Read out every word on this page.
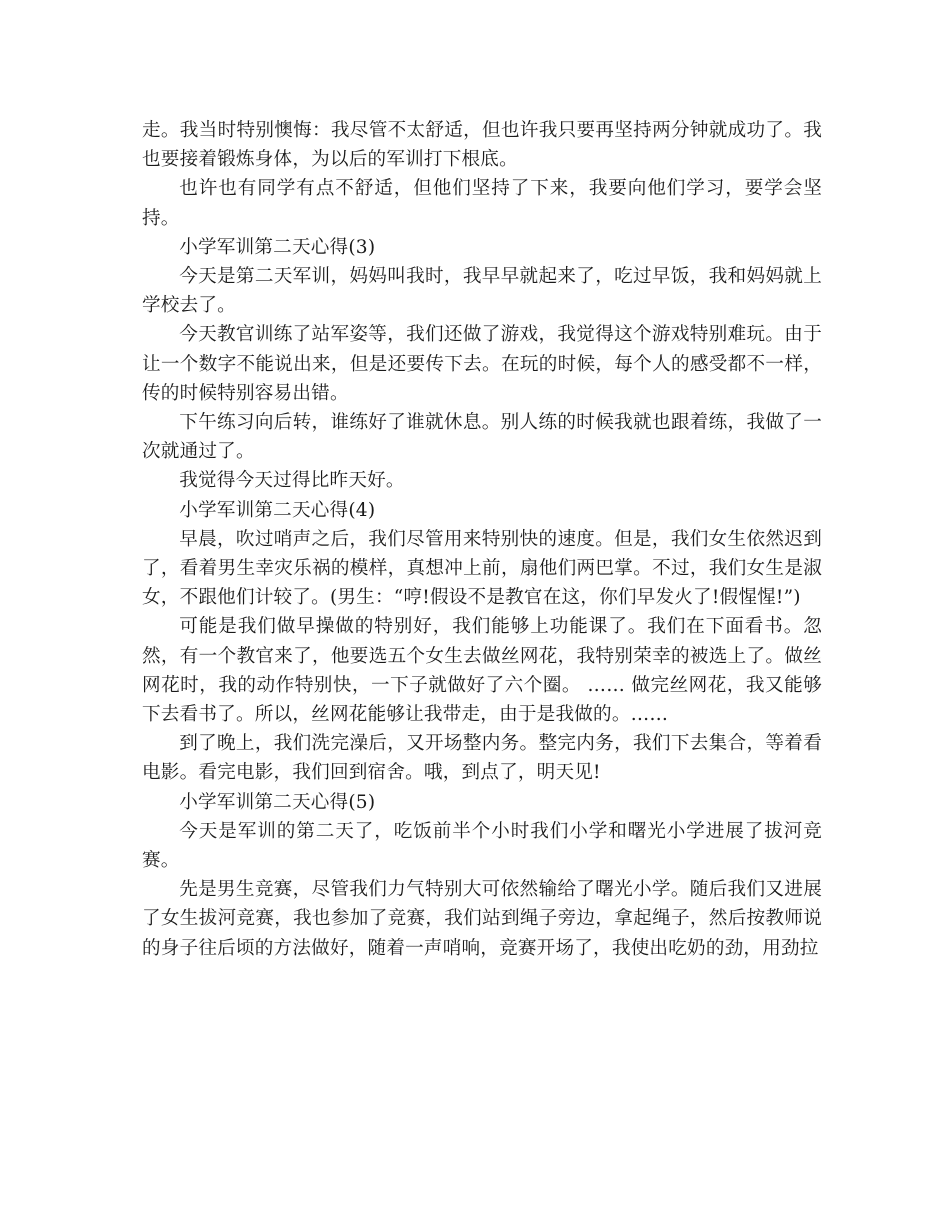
走。我当时特别懊悔：我尽管不太舒适，但也许我只要再坚持两分钟就成功了。我也要接着锻炼身体，为以后的军训打下根底。

也许也有同学有点不舒适，但他们坚持了下来，我要向他们学习，要学会坚持。

小学军训第二天心得(3)

今天是第二天军训，妈妈叫我时，我早早就起来了，吃过早饭，我和妈妈就上学校去了。

今天教官训练了站军姿等，我们还做了游戏，我觉得这个游戏特别难玩。由于让一个数字不能说出来，但是还要传下去。在玩的时候，每个人的感受都不一样，传的时候特别容易出错。

下午练习向后转，谁练好了谁就休息。别人练的时候我就也跟着练，我做了一次就通过了。

我觉得今天过得比昨天好。

小学军训第二天心得(4)

早晨，吹过哨声之后，我们尽管用来特别快的速度。但是，我们女生依然迟到了，看着男生幸灾乐祸的模样，真想冲上前，扇他们两巴掌。不过，我们女生是淑女，不跟他们计较了。(男生：“哼!假设不是教官在这，你们早发火了!假惺惺!”)

可能是我们做早操做的特别好，我们能够上功能课了。我们在下面看书。忽然，有一个教官来了，他要选五个女生去做丝网花，我特别荣幸的被选上了。做丝网花时，我的动作特别快，一下子就做好了六个圈。 …… 做完丝网花，我又能够下去看书了。所以，丝网花能够让我带走，由于是我做的。……

到了晚上，我们洗完澡后，又开场整内务。整完内务，我们下去集合，等着看电影。看完电影，我们回到宿舍。哦，到点了，明天见!

小学军训第二天心得(5)

今天是军训的第二天了，吃饭前半个小时我们小学和曙光小学进展了拔河竞赛。

先是男生竞赛，尽管我们力气特别大可依然输给了曙光小学。随后我们又进展了女生拔河竞赛，我也参加了竞赛，我们站到绳子旁边，拿起绳子，然后按教师说的身子往后顷的方法做好，随着一声哨响，竞赛开场了，我使出吃奶的劲，用劲拉
